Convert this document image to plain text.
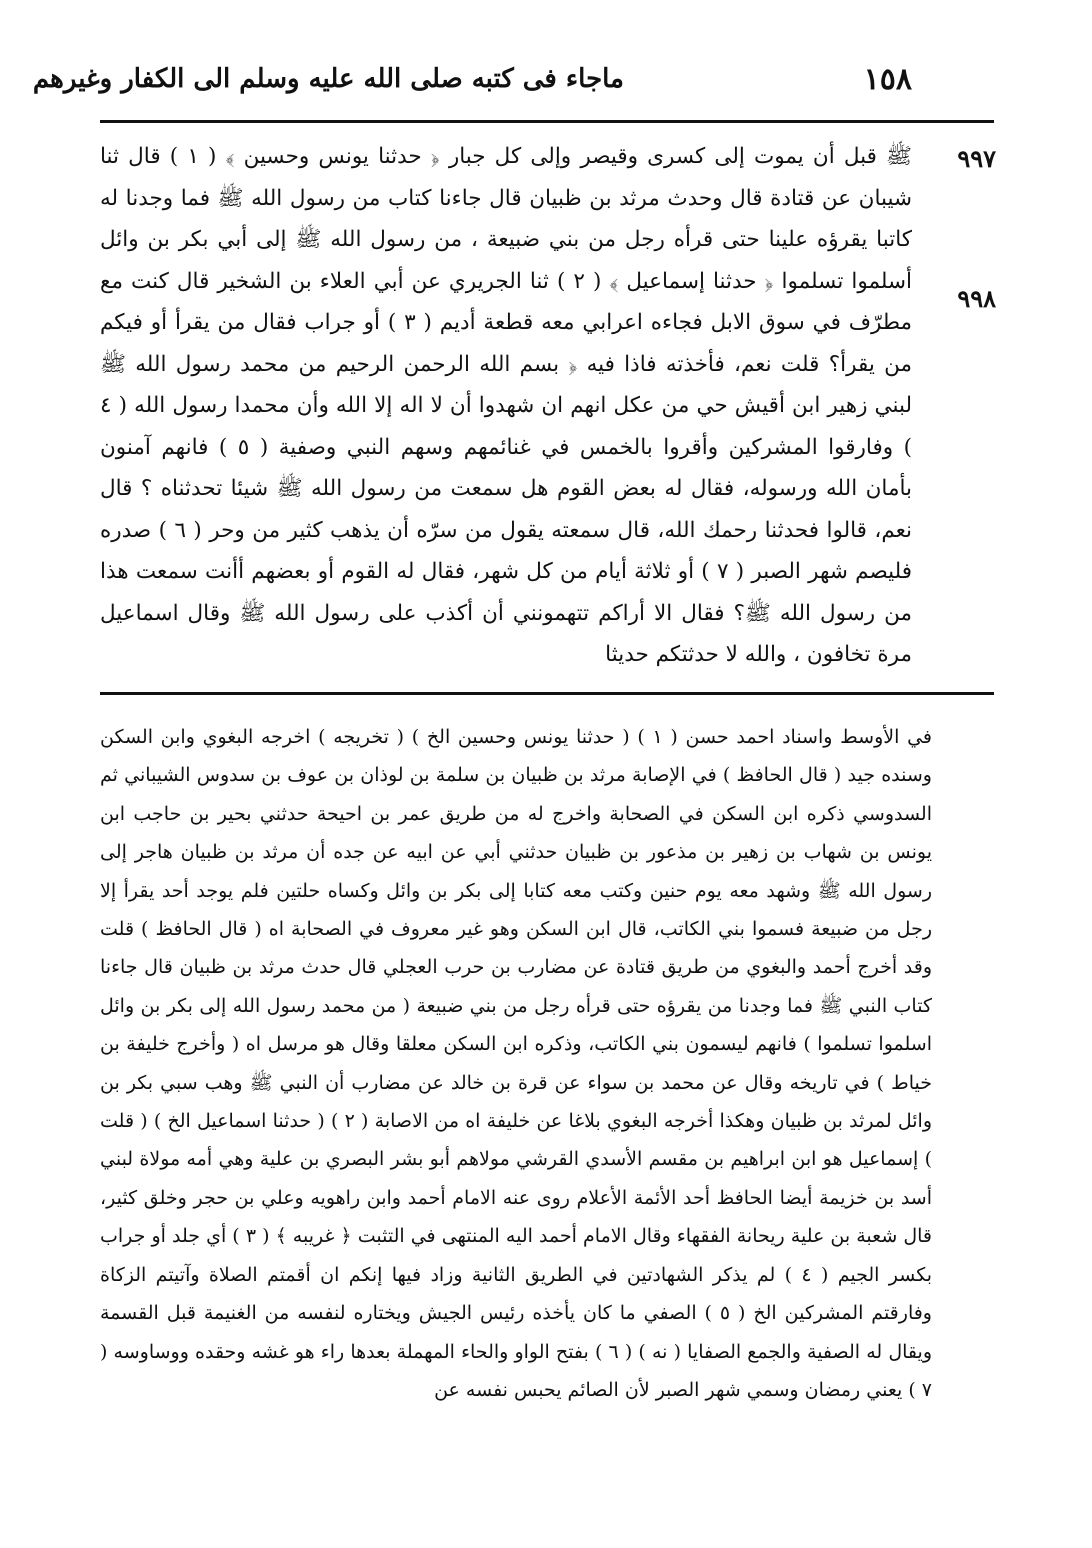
١٥٨
ماجاء فى كتبه صلى الله عليه وسلم الى الكفار وغيرهم
٩٩٧
٩٩٨

ﷺ قبل أن يموت إلى كسرى وقيصر وإلى كل جبار ﴿ حدثنا يونس وحسين ﴾ ( ١ ) قال ثنا شيبان عن قتادة قال وحدث مرثد بن ظبيان قال جاءنا كتاب من رسول الله ﷺ فما وجدنا له كاتبا يقرؤه علينا حتى قرأه رجل من بني ضبيعة ، من رسول الله ﷺ إلى أبي بكر بن وائل أسلموا تسلموا ﴿ حدثنا إسماعيل ﴾ ( ٢ ) ثنا الجريري عن أبي العلاء بن الشخير قال كنت مع مطرّف في سوق الابل فجاءه اعرابي معه قطعة أديم ( ٣ ) أو جراب فقال من يقرأ أو فيكم من يقرأ؟ قلت نعم، فأخذته فاذا فيه ﴿ بسم الله الرحمن الرحيم من محمد رسول الله ﷺ لبني زهير ابن أقيش حي من عكل انهم ان شهدوا أن لا اله إلا الله وأن محمدا رسول الله ( ٤ ) وفارقوا المشركين وأقروا بالخمس في غنائمهم وسهم النبي وصفية ( ٥ ) فانهم آمنون بأمان الله ورسوله، فقال له بعض القوم هل سمعت من رسول الله ﷺ شيئا تحدثناه ؟ قال نعم، قالوا فحدثنا رحمك الله، قال سمعته يقول من سرّه أن يذهب كثير من وحر ( ٦ ) صدره فليصم شهر الصبر ( ٧ ) أو ثلاثة أيام من كل شهر، فقال له القوم أو بعضهم أأنت سمعت هذا من رسول الله ﷺ؟ فقال الا أراكم تتهمونني أن أكذب على رسول الله ﷺ وقال اسماعيل مرة تخافون ، والله لا حدثتكم حديثا

في الأوسط واسناد احمد حسن ( ١ ) ( حدثنا يونس وحسين الخ ) ( تخريجه ) اخرجه البغوي وابن السكن وسنده جيد ( قال الحافظ ) في الإصابة مرثد بن ظبيان بن سلمة بن لوذان بن عوف بن سدوس الشيباني ثم السدوسي ذكره ابن السكن في الصحابة واخرج له من طريق عمر بن احيحة حدثني بحير بن حاجب ابن يونس بن شهاب بن زهير بن مذعور بن ظبيان حدثني أبي عن ابيه عن جده أن مرثد بن ظبيان هاجر إلى رسول الله ﷺ وشهد معه يوم حنين وكتب معه كتابا إلى بكر بن وائل وكساه حلتين فلم يوجد أحد يقرأ إلا رجل من ضبيعة فسموا بني الكاتب، قال ابن السكن وهو غير معروف في الصحابة اه ( قال الحافظ ) قلت وقد أخرج أحمد والبغوي من طريق قتادة عن مضارب بن حرب العجلي قال حدث مرثد بن ظبيان قال جاءنا كتاب النبي ﷺ فما وجدنا من يقرؤه حتى قرأه رجل من بني ضبيعة ( من محمد رسول الله إلى بكر بن وائل اسلموا تسلموا ) فانهم ليسمون بني الكاتب، وذكره ابن السكن معلقا وقال هو مرسل اه ( وأخرج خليفة بن خياط ) في تاريخه وقال عن محمد بن سواء عن قرة بن خالد عن مضارب أن النبي ﷺ وهب سبي بكر بن وائل لمرثد بن ظبيان وهكذا أخرجه البغوي بلاغا عن خليفة اه من الاصابة ( ٢ ) ( حدثنا اسماعيل الخ ) ( قلت ) إسماعيل هو ابن ابراهيم بن مقسم الأسدي القرشي مولاهم أبو بشر البصري بن علية وهي أمه مولاة لبني أسد بن خزيمة أيضا الحافظ أحد الأئمة الأعلام روى عنه الامام أحمد وابن راهويه وعلي بن حجر وخلق كثير، قال شعبة بن علية ريحانة الفقهاء وقال الامام أحمد اليه المنتهى في التثبت ﴿ غريبه ﴾ ( ٣ ) أي جلد أو جراب بكسر الجيم ( ٤ ) لم يذكر الشهادتين في الطريق الثانية وزاد فيها إنكم ان أقمتم الصلاة وآتيتم الزكاة وفارقتم المشركين الخ ( ٥ ) الصفي ما كان يأخذه رئيس الجيش ويختاره لنفسه من الغنيمة قبل القسمة ويقال له الصفية والجمع الصفايا ( نه ) ( ٦ ) بفتح الواو والحاء المهملة بعدها راء هو غشه وحقده ووساوسه ( ٧ ) يعني رمضان وسمي شهر الصبر لأن الصائم يحبس نفسه عن
